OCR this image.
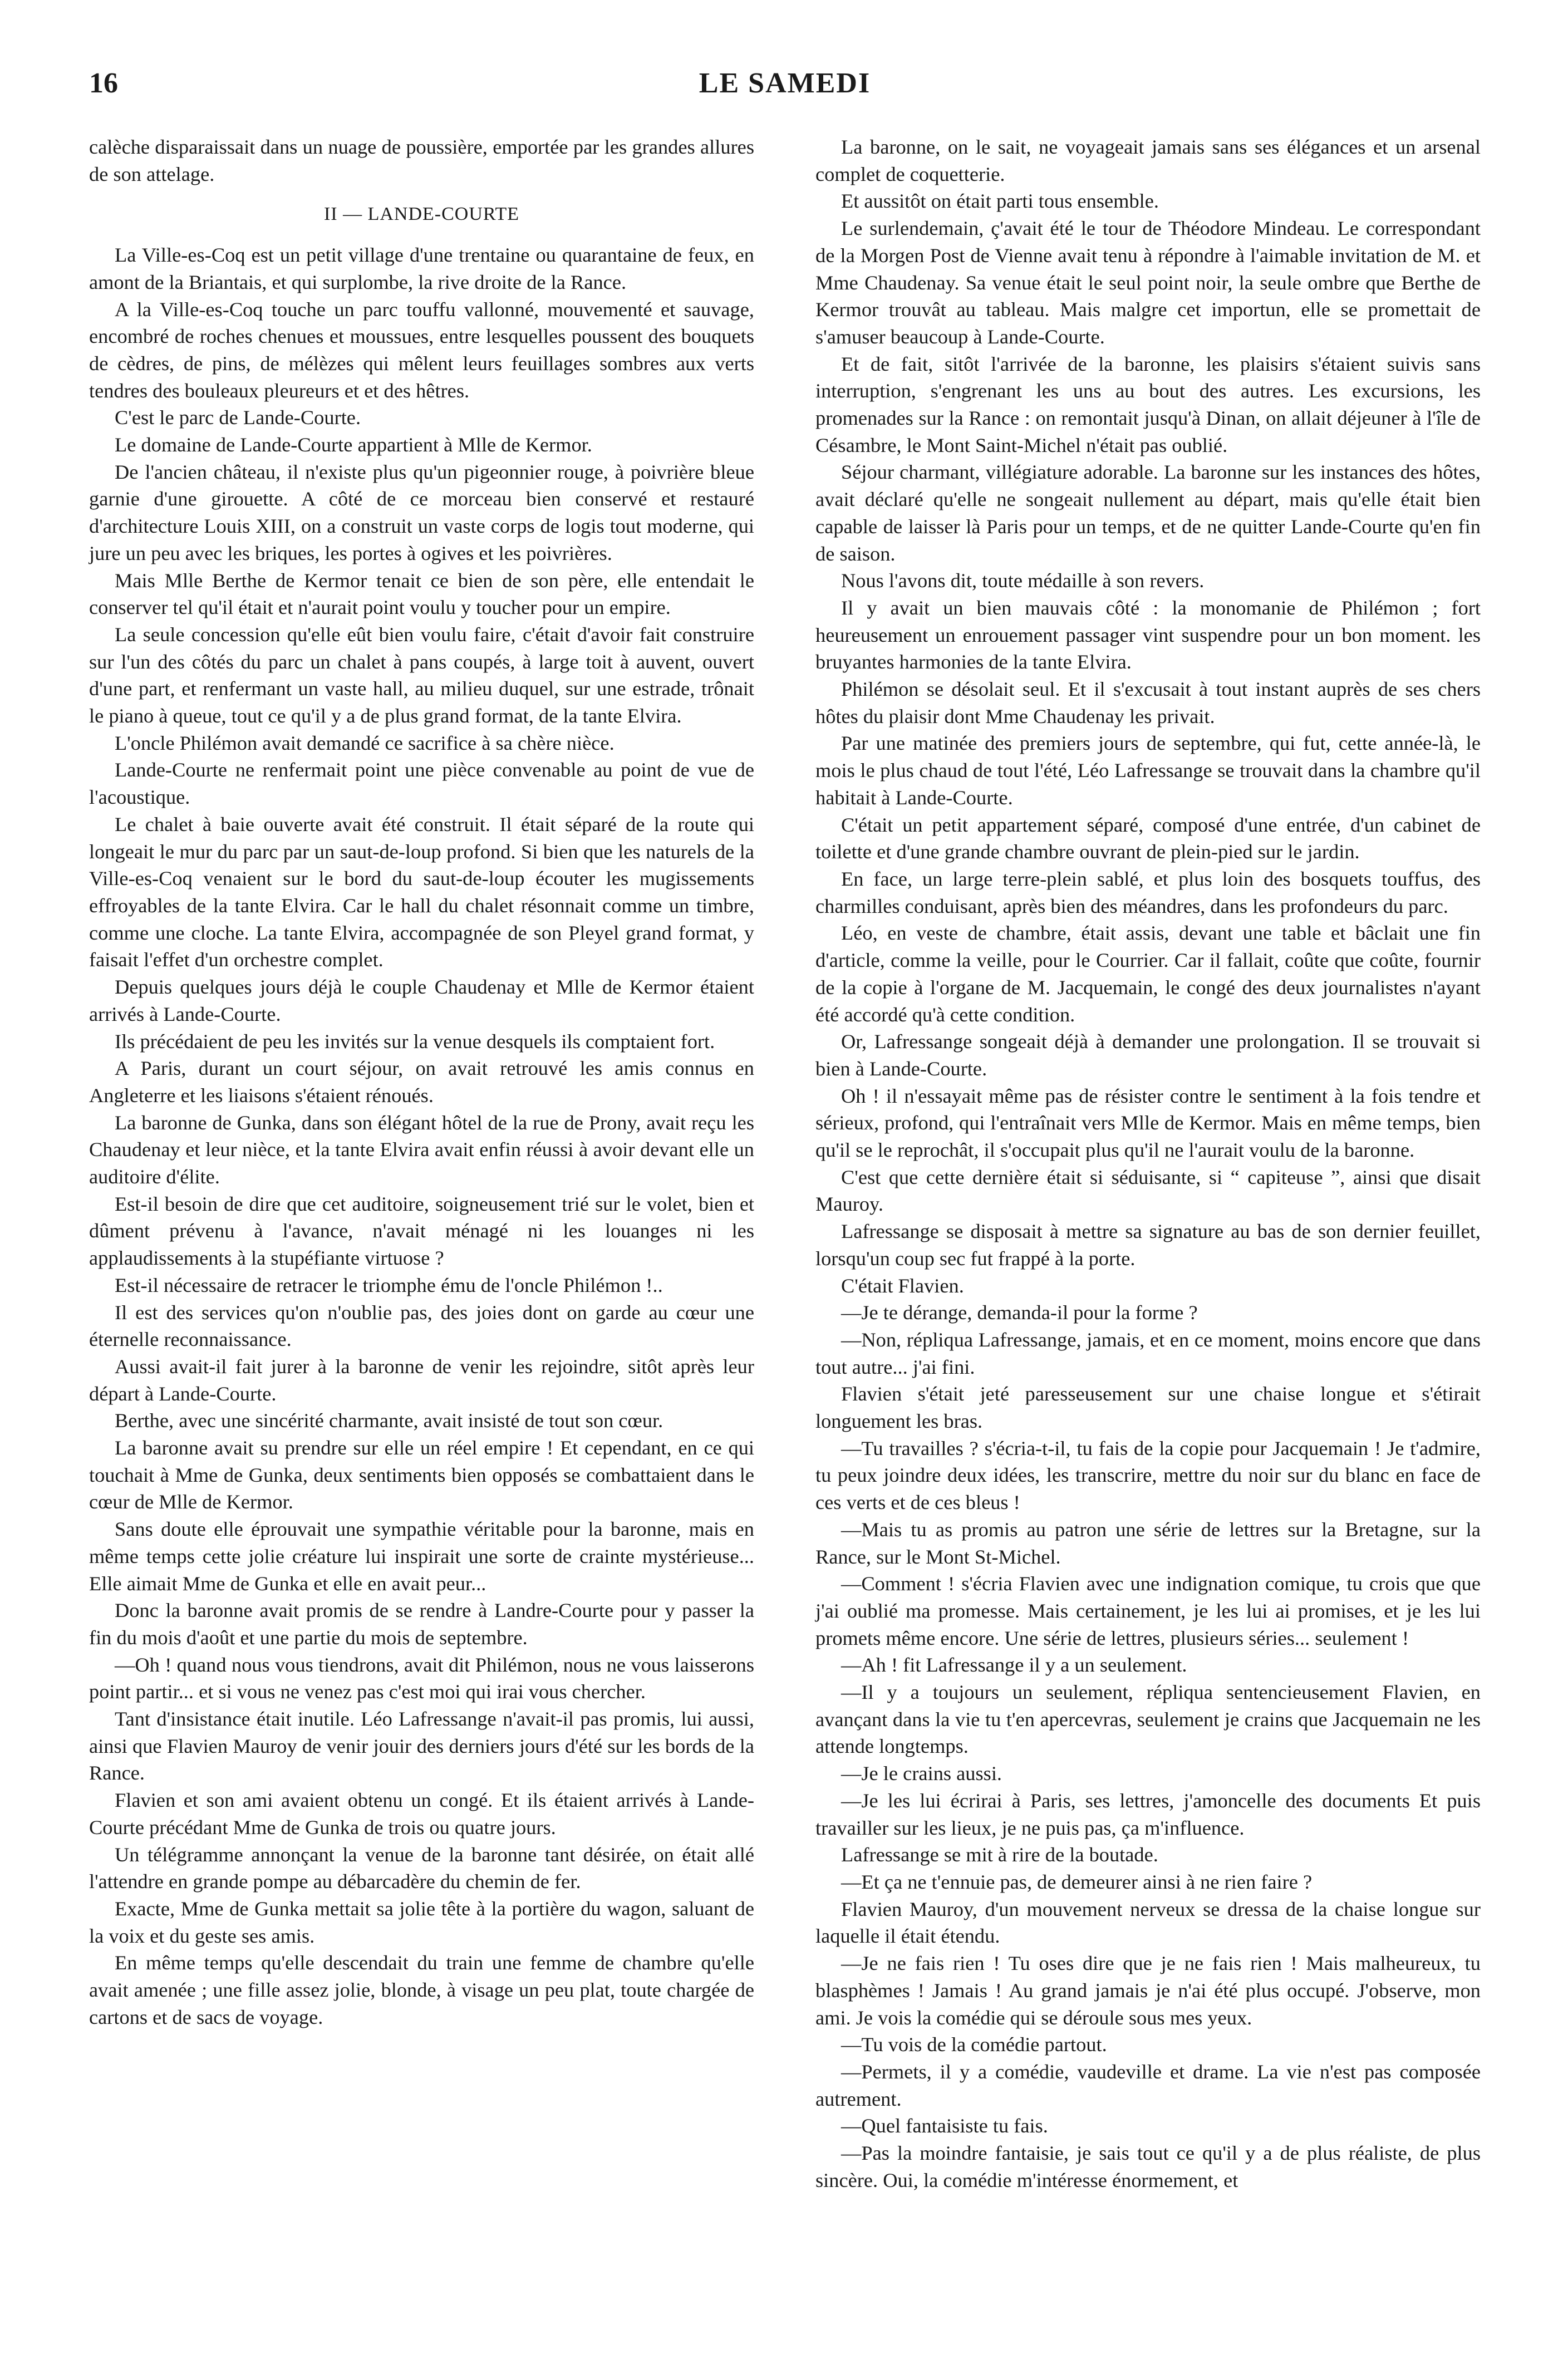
16	LE SAMEDI

calèche disparaissait dans un nuage de poussière, emportée par les grandes allures de son attelage.

II — LANDE-COURTE

La Ville-es-Coq est un petit village d'une trentaine ou quarantaine de feux, en amont de la Briantais, et qui surplombe, la rive droite de la Rance.

A la Ville-es-Coq touche un parc touffu vallonné, mouvementé et sauvage, encombré de roches chenues et moussues, entre lesquelles poussent des bouquets de cèdres, de pins, de mélèzes qui mêlent leurs feuillages sombres aux verts tendres des bouleaux pleureurs et et des hêtres.

C'est le parc de Lande-Courte.

Le domaine de Lande-Courte appartient à Mlle de Kermor.

De l'ancien château, il n'existe plus qu'un pigeonnier rouge, à poivrière bleue garnie d'une girouette. A côté de ce morceau bien conservé et restauré d'architecture Louis XIII, on a construit un vaste corps de logis tout moderne, qui jure un peu avec les briques, les portes à ogives et les poivrières.

Mais Mlle Berthe de Kermor tenait ce bien de son père, elle entendait le conserver tel qu'il était et n'aurait point voulu y toucher pour un empire.

La seule concession qu'elle eût bien voulu faire, c'était d'avoir fait construire sur l'un des côtés du parc un chalet à pans coupés, à large toit à auvent, ouvert d'une part, et renfermant un vaste hall, au milieu duquel, sur une estrade, trônait le piano à queue, tout ce qu'il y a de plus grand format, de la tante Elvira.

L'oncle Philémon avait demandé ce sacrifice à sa chère nièce.

Lande-Courte ne renfermait point une pièce convenable au point de vue de l'acoustique.

Le chalet à baie ouverte avait été construit. Il était séparé de la route qui longeait le mur du parc par un saut-de-loup profond. Si bien que les naturels de la Ville-es-Coq venaient sur le bord du saut-de-loup écouter les mugissements effroyables de la tante Elvira. Car le hall du chalet résonnait comme un timbre, comme une cloche. La tante Elvira, accompagnée de son Pleyel grand format, y faisait l'effet d'un orchestre complet.

Depuis quelques jours déjà le couple Chaudenay et Mlle de Kermor étaient arrivés à Lande-Courte.

Ils précédaient de peu les invités sur la venue desquels ils comptaient fort.

A Paris, durant un court séjour, on avait retrouvé les amis connus en Angleterre et les liaisons s'étaient rénoués.

La baronne de Gunka, dans son élégant hôtel de la rue de Prony, avait reçu les Chaudenay et leur nièce, et la tante Elvira avait enfin réussi à avoir devant elle un auditoire d'élite.

Est-il besoin de dire que cet auditoire, soigneusement trié sur le volet, bien et dûment prévenu à l'avance, n'avait ménagé ni les louanges ni les applaudissements à la stupéfiante virtuose ?

Est-il nécessaire de retracer le triomphe ému de l'oncle Philémon !..

Il est des services qu'on n'oublie pas, des joies dont on garde au cœur une éternelle reconnaissance.

Aussi avait-il fait jurer à la baronne de venir les rejoindre, sitôt après leur départ à Lande-Courte.

Berthe, avec une sincérité charmante, avait insisté de tout son cœur.

La baronne avait su prendre sur elle un réel empire ! Et cependant, en ce qui touchait à Mme de Gunka, deux sentiments bien opposés se combattaient dans le cœur de Mlle de Kermor.

Sans doute elle éprouvait une sympathie véritable pour la baronne, mais en même temps cette jolie créature lui inspirait une sorte de crainte mystérieuse... Elle aimait Mme de Gunka et elle en avait peur...

Donc la baronne avait promis de se rendre à Landre-Courte pour y passer la fin du mois d'août et une partie du mois de septembre.

—Oh ! quand nous vous tiendrons, avait dit Philémon, nous ne vous laisserons point partir... et si vous ne venez pas c'est moi qui irai vous chercher.

Tant d'insistance était inutile. Léo Lafressange n'avait-il pas promis, lui aussi, ainsi que Flavien Mauroy de venir jouir des derniers jours d'été sur les bords de la Rance.

Flavien et son ami avaient obtenu un congé. Et ils étaient arrivés à Lande-Courte précédant Mme de Gunka de trois ou quatre jours.

Un télégramme annonçant la venue de la baronne tant désirée, on était allé l'attendre en grande pompe au débarcadère du chemin de fer.

Exacte, Mme de Gunka mettait sa jolie tête à la portière du wagon, saluant de la voix et du geste ses amis.

En même temps qu'elle descendait du train une femme de chambre qu'elle avait amenée ; une fille assez jolie, blonde, à visage un peu plat, toute chargée de cartons et de sacs de voyage.

La baronne, on le sait, ne voyageait jamais sans ses élégances et un arsenal complet de coquetterie.

Et aussitôt on était parti tous ensemble.

Le surlendemain, ç'avait été le tour de Théodore Mindeau. Le correspondant de la Morgen Post de Vienne avait tenu à répondre à l'aimable invitation de M. et Mme Chaudenay. Sa venue était le seul point noir, la seule ombre que Berthe de Kermor trouvât au tableau. Mais malgre cet importun, elle se promettait de s'amuser beaucoup à Lande-Courte.

Et de fait, sitôt l'arrivée de la baronne, les plaisirs s'étaient suivis sans interruption, s'engrenant les uns au bout des autres. Les excursions, les promenades sur la Rance : on remontait jusqu'à Dinan, on allait déjeuner à l'île de Césambre, le Mont Saint-Michel n'était pas oublié.

Séjour charmant, villégiature adorable. La baronne sur les instances des hôtes, avait déclaré qu'elle ne songeait nullement au départ, mais qu'elle était bien capable de laisser là Paris pour un temps, et de ne quitter Lande-Courte qu'en fin de saison.

Nous l'avons dit, toute médaille à son revers.

Il y avait un bien mauvais côté : la monomanie de Philémon ; fort heureusement un enrouement passager vint suspendre pour un bon moment. les bruyantes harmonies de la tante Elvira.

Philémon se désolait seul. Et il s'excusait à tout instant auprès de ses chers hôtes du plaisir dont Mme Chaudenay les privait.

Par une matinée des premiers jours de septembre, qui fut, cette année-là, le mois le plus chaud de tout l'été, Léo Lafressange se trouvait dans la chambre qu'il habitait à Lande-Courte.

C'était un petit appartement séparé, composé d'une entrée, d'un cabinet de toilette et d'une grande chambre ouvrant de plein-pied sur le jardin.

En face, un large terre-plein sablé, et plus loin des bosquets touffus, des charmilles conduisant, après bien des méandres, dans les profondeurs du parc.

Léo, en veste de chambre, était assis, devant une table et bâclait une fin d'article, comme la veille, pour le Courrier. Car il fallait, coûte que coûte, fournir de la copie à l'organe de M. Jacquemain, le congé des deux journalistes n'ayant été accordé qu'à cette condition.

Or, Lafressange songeait déjà à demander une prolongation. Il se trouvait si bien à Lande-Courte.

Oh ! il n'essayait même pas de résister contre le sentiment à la fois tendre et sérieux, profond, qui l'entraînait vers Mlle de Kermor. Mais en même temps, bien qu'il se le reprochât, il s'occupait plus qu'il ne l'aurait voulu de la baronne.

C'est que cette dernière était si séduisante, si “ capiteuse ”, ainsi que disait Mauroy.

Lafressange se disposait à mettre sa signature au bas de son dernier feuillet, lorsqu'un coup sec fut frappé à la porte.

C'était Flavien.

—Je te dérange, demanda-il pour la forme ?

—Non, répliqua Lafressange, jamais, et en ce moment, moins encore que dans tout autre... j'ai fini.

Flavien s'était jeté paresseusement sur une chaise longue et s'étirait longuement les bras.

—Tu travailles ? s'écria-t-il, tu fais de la copie pour Jacquemain ! Je t'admire, tu peux joindre deux idées, les transcrire, mettre du noir sur du blanc en face de ces verts et de ces bleus !

—Mais tu as promis au patron une série de lettres sur la Bretagne, sur la Rance, sur le Mont St-Michel.

—Comment ! s'écria Flavien avec une indignation comique, tu crois que que j'ai oublié ma promesse. Mais certainement, je les lui ai promises, et je les lui promets même encore. Une série de lettres, plusieurs séries... seulement !

—Ah ! fit Lafressange il y a un seulement.

—Il y a toujours un seulement, répliqua sentencieusement Flavien, en avançant dans la vie tu t'en apercevras, seulement je crains que Jacquemain ne les attende longtemps.

—Je le crains aussi.

—Je les lui écrirai à Paris, ses lettres, j'amoncelle des documents Et puis travailler sur les lieux, je ne puis pas, ça m'influence.

Lafressange se mit à rire de la boutade.

—Et ça ne t'ennuie pas, de demeurer ainsi à ne rien faire ?

Flavien Mauroy, d'un mouvement nerveux se dressa de la chaise longue sur laquelle il était étendu.

—Je ne fais rien ! Tu oses dire que je ne fais rien ! Mais malheureux, tu blasphèmes ! Jamais ! Au grand jamais je n'ai été plus occupé. J'observe, mon ami. Je vois la comédie qui se déroule sous mes yeux.

—Tu vois de la comédie partout.

—Permets, il y a comédie, vaudeville et drame. La vie n'est pas composée autrement.

—Quel fantaisiste tu fais.

—Pas la moindre fantaisie, je sais tout ce qu'il y a de plus réaliste, de plus sincère. Oui, la comédie m'intéresse énormement, et
